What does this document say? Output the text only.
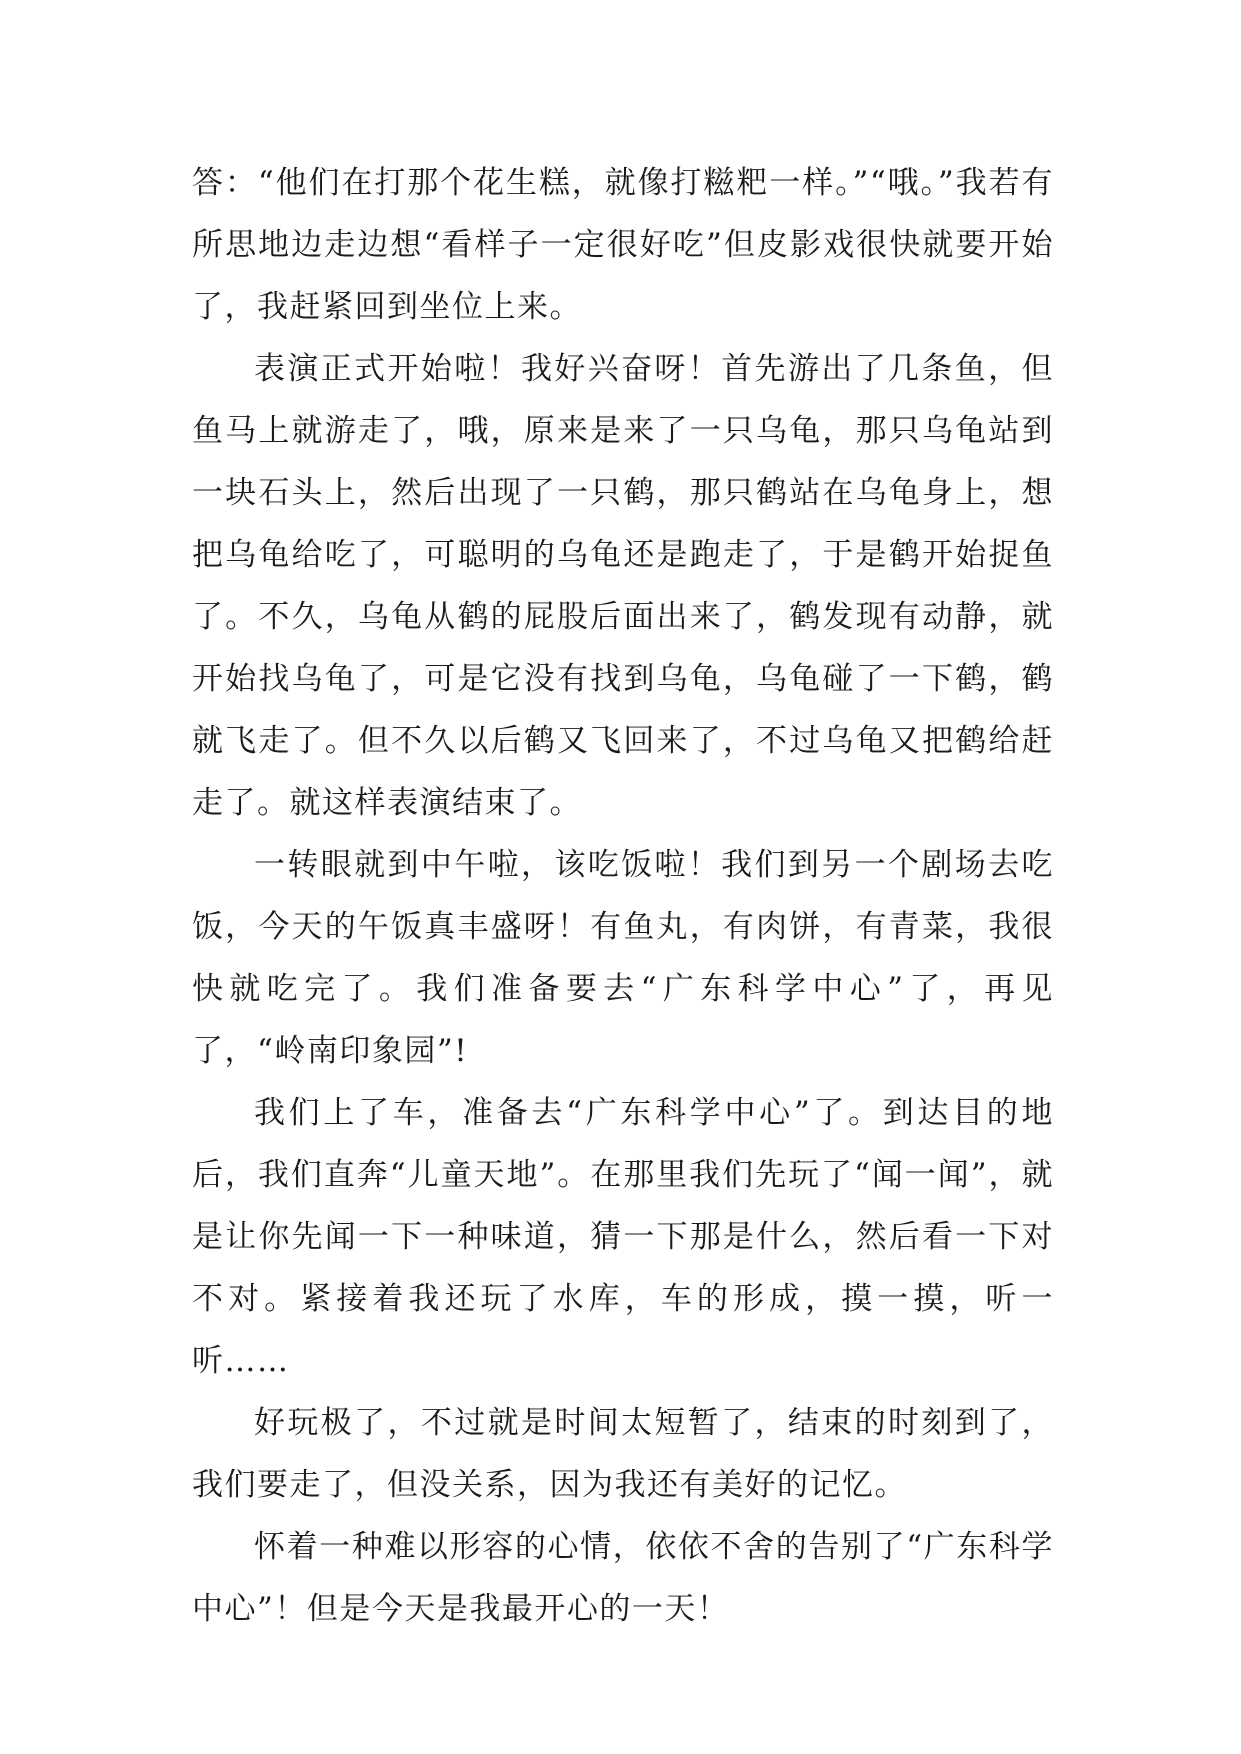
答：“他们在打那个花生糕，就像打糍粑一样。”“哦。”我若有所思地边走边想“看样子一定很好吃”但皮影戏很快就要开始了，我赶紧回到坐位上来。

表演正式开始啦！我好兴奋呀！首先游出了几条鱼，但鱼马上就游走了，哦，原来是来了一只乌龟，那只乌龟站到一块石头上，然后出现了一只鹤，那只鹤站在乌龟身上，想把乌龟给吃了，可聪明的乌龟还是跑走了，于是鹤开始捉鱼了。不久，乌龟从鹤的屁股后面出来了，鹤发现有动静，就开始找乌龟了，可是它没有找到乌龟，乌龟碰了一下鹤，鹤就飞走了。但不久以后鹤又飞回来了，不过乌龟又把鹤给赶走了。就这样表演结束了。

一转眼就到中午啦，该吃饭啦！我们到另一个剧场去吃饭，今天的午饭真丰盛呀！有鱼丸，有肉饼，有青菜，我很快就吃完了。我们准备要去“广东科学中心”了，再见了，“岭南印象园”!

我们上了车，准备去“广东科学中心”了。到达目的地后，我们直奔“儿童天地”。在那里我们先玩了“闻一闻”，就是让你先闻一下一种味道，猜一下那是什么，然后看一下对不对。紧接着我还玩了水库，车的形成，摸一摸，听一听……

好玩极了，不过就是时间太短暂了，结束的时刻到了，我们要走了，但没关系，因为我还有美好的记忆。

怀着一种难以形容的心情，依依不舍的告别了“广东科学中心”！但是今天是我最开心的一天！
